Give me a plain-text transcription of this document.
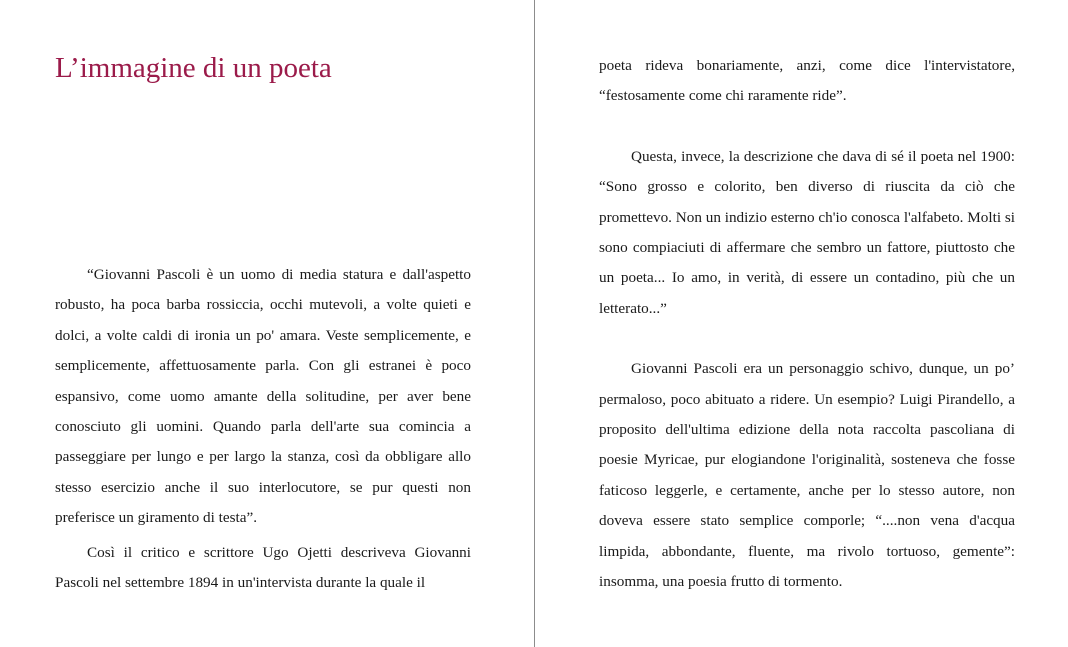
L’immagine di un poeta

“Giovanni Pascoli è un uomo di media statura e dall'aspetto robusto, ha poca barba rossiccia, occhi mutevoli, a volte quieti e dolci, a volte caldi di ironia un po' amara. Veste semplicemente, e semplicemente, affettuosamente parla. Con gli estranei è poco espansivo, come uomo amante della solitudine, per aver bene conosciuto gli uomini. Quando parla dell'arte sua comincia a passeggiare per lungo e per largo la stanza, così da obbligare allo stesso esercizio anche il suo interlocutore, se pur questi non preferisce un giramento di testa”.

Così il critico e scrittore Ugo Ojetti descriveva Giovanni Pascoli nel settembre 1894 in un'intervista durante la quale il

poeta rideva bonariamente, anzi, come dice l'intervistatore, “festosamente come chi raramente ride”.

Questa, invece, la descrizione che dava di sé il poeta nel 1900: “Sono grosso e colorito, ben diverso di riuscita da ciò che promettevo. Non un indizio esterno ch'io conosca l'alfabeto. Molti si sono compiaciuti di affermare che sembro un fattore, piuttosto che un poeta... Io amo, in verità, di essere un contadino, più che un letterato...”

Giovanni Pascoli era un personaggio schivo, dunque, un po’ permaloso, poco abituato a ridere. Un esempio? Luigi Pirandello, a proposito dell'ultima edizione della nota raccolta pascoliana di poesie Myricae, pur elogiandone l'originalità, sosteneva che fosse faticoso leggerle, e certamente, anche per lo stesso autore, non doveva essere stato semplice comporle; “....non vena d'acqua limpida, abbondante, fluente, ma rivolo tortuoso, gemente”: insomma, una poesia frutto di tormento.
